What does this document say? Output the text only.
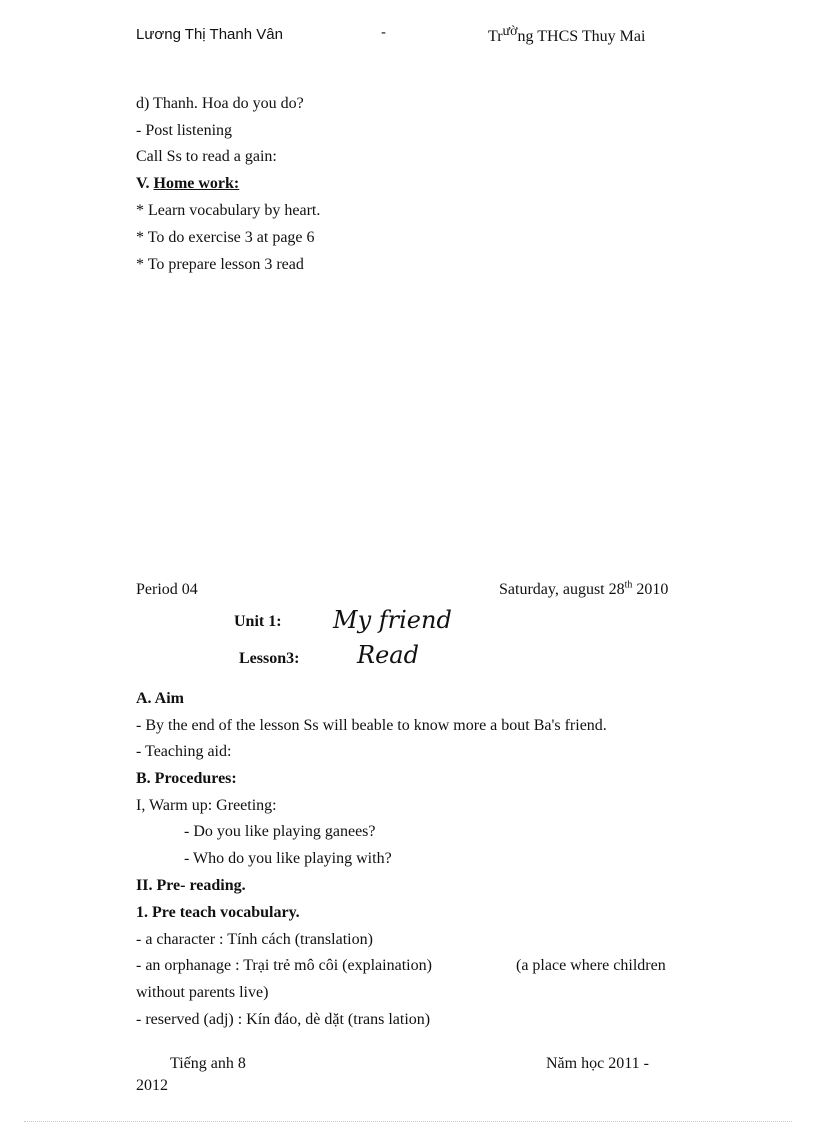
Lương Thị Thanh Vân	-	Trường THCS Thuy Mai
d) Thanh. Hoa do you do?
- Post listening
Call Ss to read a gain:
V. Home work:
* Learn vocabulary by heart.
* To do exercise 3 at page 6
* To prepare lesson 3 read
Period 04	Saturday, august 28th 2010
Unit 1: My friend
Lesson3: Read
A. Aim
- By the end of the lesson Ss will beable to know more a bout Ba's friend.
- Teaching aid:
B. Procedures:
I, Warm up: Greeting:
- Do you like playing ganees?
- Who do you like playing with?
II. Pre- reading.
1. Pre teach vocabulary.
- a character : Tính cách (translation)
- an orphanage : Trại trẻ mô côi (explaination)	(a place where children
without parents live)
- reserved (adj) : Kín đáo, dè dặt (trans lation)
Tiếng anh 8	Năm học 2011 -
2012
